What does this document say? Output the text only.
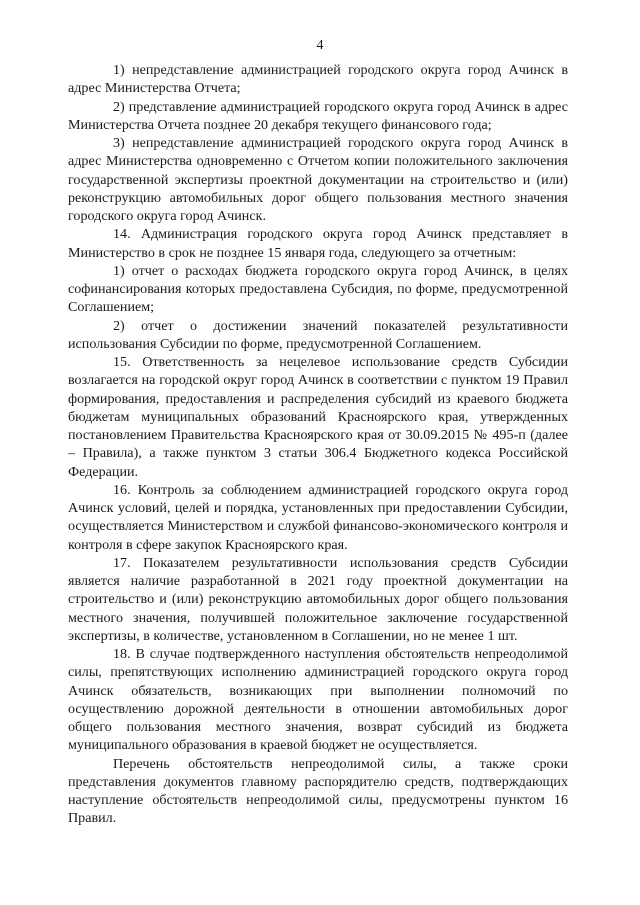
4

1) непредставление администрацией городского округа город Ачинск в адрес Министерства Отчета;

2) представление администрацией городского округа город Ачинск в адрес Министерства Отчета позднее 20 декабря текущего финансового года;

3) непредставление администрацией городского округа город Ачинск в адрес Министерства одновременно с Отчетом копии положительного заключения государственной экспертизы проектной документации на строительство и (или) реконструкцию автомобильных дорог общего пользования местного значения городского округа город Ачинск.

14. Администрация городского округа город Ачинск представляет в Министерство в срок не позднее 15 января года, следующего за отчетным:

1) отчет о расходах бюджета городского округа город Ачинск, в целях софинансирования которых предоставлена Субсидия, по форме, предусмотренной Соглашением;

2) отчет о достижении значений показателей результативности использования Субсидии по форме, предусмотренной Соглашением.

15. Ответственность за нецелевое использование средств Субсидии возлагается на городской округ город Ачинск в соответствии с пунктом 19 Правил формирования, предоставления и распределения субсидий из краевого бюджета бюджетам муниципальных образований Красноярского края, утвержденных постановлением Правительства Красноярского края от 30.09.2015 № 495-п (далее – Правила), а также пунктом 3 статьи 306.4 Бюджетного кодекса Российской Федерации.

16. Контроль за соблюдением администрацией городского округа город Ачинск условий, целей и порядка, установленных при предоставлении Субсидии, осуществляется Министерством и службой финансово-экономического контроля и контроля в сфере закупок Красноярского края.

17. Показателем результативности использования средств Субсидии является наличие разработанной в 2021 году проектной документации на строительство и (или) реконструкцию автомобильных дорог общего пользования местного значения, получившей положительное заключение государственной экспертизы, в количестве, установленном в Соглашении, но не менее 1 шт.

18. В случае подтвержденного наступления обстоятельств непреодолимой силы, препятствующих исполнению администрацией городского округа город Ачинск обязательств, возникающих при выполнении полномочий по осуществлению дорожной деятельности в отношении автомобильных дорог общего пользования местного значения, возврат субсидий из бюджета муниципального образования в краевой бюджет не осуществляется.

Перечень обстоятельств непреодолимой силы, а также сроки представления документов главному распорядителю средств, подтверждающих наступление обстоятельств непреодолимой силы, предусмотрены пунктом 16 Правил.
